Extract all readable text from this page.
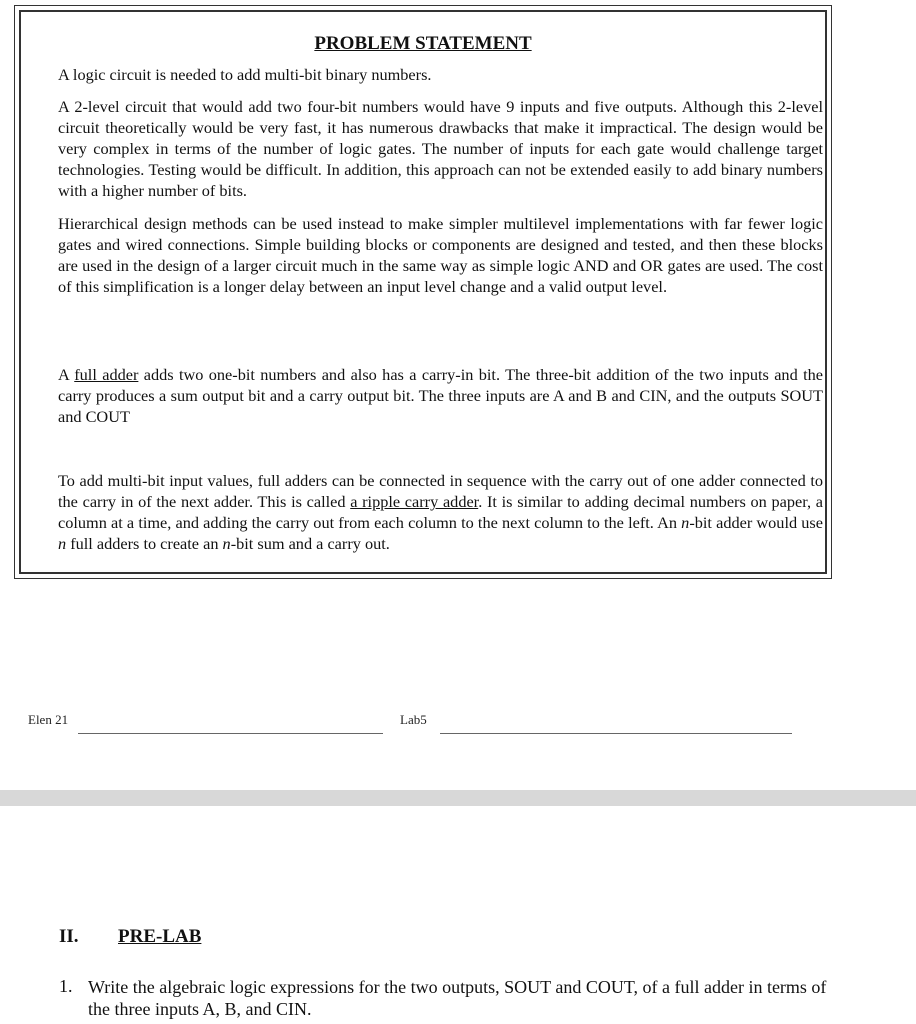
PROBLEM STATEMENT

A logic circuit is needed to add multi-bit binary numbers.

A 2-level circuit that would add two four-bit numbers would have 9 inputs and five outputs. Although this 2-level circuit theoretically would be very fast, it has numerous drawbacks that make it impractical. The design would be very complex in terms of the number of logic gates. The number of inputs for each gate would challenge target technologies. Testing would be difficult. In addition, this approach can not be extended easily to add binary numbers with a higher number of bits.

Hierarchical design methods can be used instead to make simpler multilevel implementations with far fewer logic gates and wired connections. Simple building blocks or components are designed and tested, and then these blocks are used in the design of a larger circuit much in the same way as simple logic AND and OR gates are used. The cost of this simplification is a longer delay between an input level change and a valid output level.

A full adder adds two one-bit numbers and also has a carry-in bit. The three-bit addition of the two inputs and the carry produces a sum output bit and a carry output bit. The three inputs are A and B and CIN, and the outputs SOUT and COUT

To add multi-bit input values, full adders can be connected in sequence with the carry out of one adder connected to the carry in of the next adder. This is called a ripple carry adder. It is similar to adding decimal numbers on paper, a column at a time, and adding the carry out from each column to the next column to the left. An n-bit adder would use n full adders to create an n-bit sum and a carry out.

Elen 21	Lab5
II. PRE-LAB
1. Write the algebraic logic expressions for the two outputs, SOUT and COUT, of a full adder in terms of the three inputs A, B, and CIN.
